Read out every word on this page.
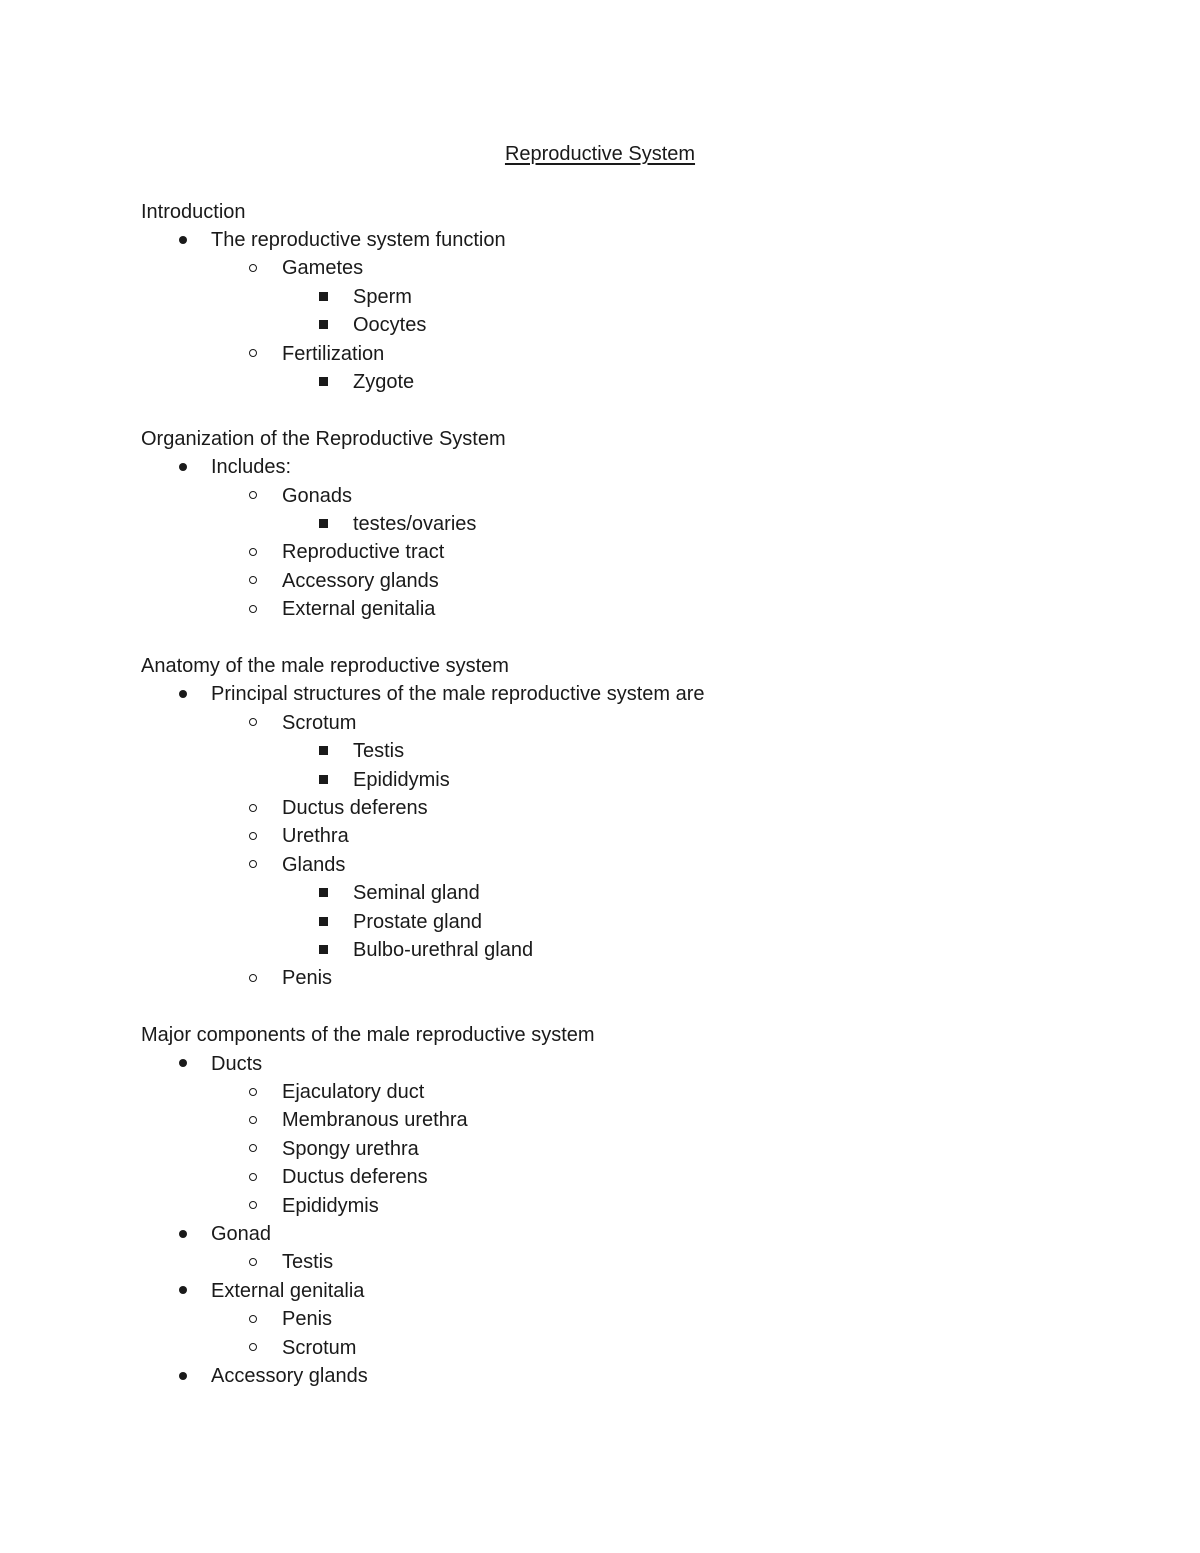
Reproductive System
Introduction
The reproductive system function
Gametes
Sperm
Oocytes
Fertilization
Zygote
Organization of the Reproductive System
Includes:
Gonads
testes/ovaries
Reproductive tract
Accessory glands
External genitalia
Anatomy of the male reproductive system
Principal structures of the male reproductive system are
Scrotum
Testis
Epididymis
Ductus deferens
Urethra
Glands
Seminal gland
Prostate gland
Bulbo-urethral gland
Penis
Major components of the male reproductive system
Ducts
Ejaculatory duct
Membranous urethra
Spongy urethra
Ductus deferens
Epididymis
Gonad
Testis
External genitalia
Penis
Scrotum
Accessory glands
